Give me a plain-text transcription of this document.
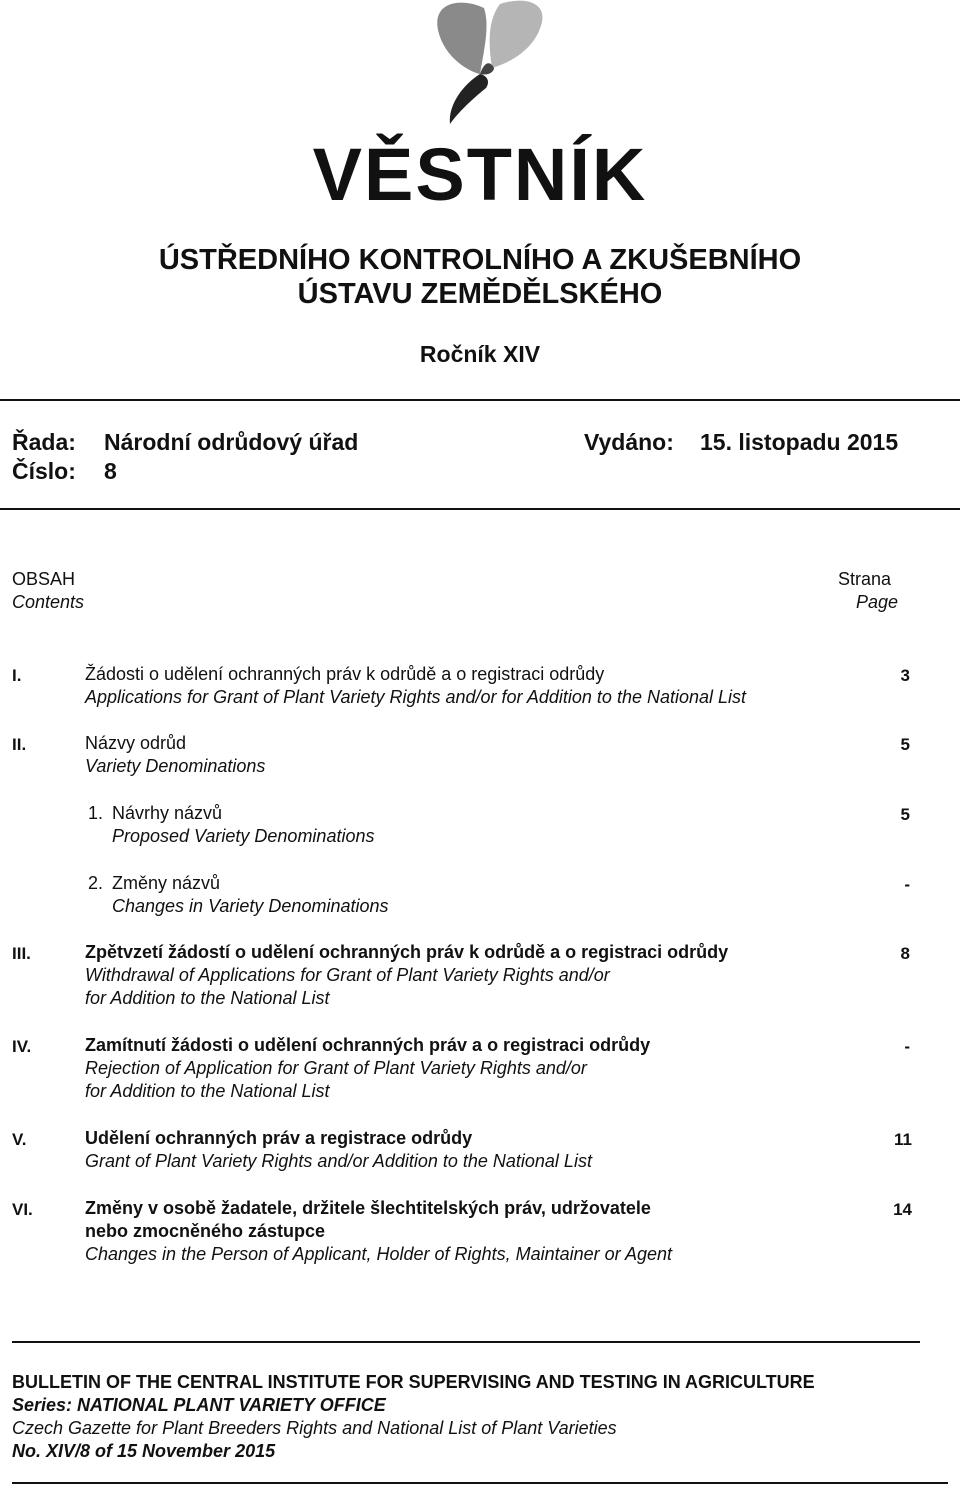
VĚSTNÍK
ÚSTŘEDNÍHO KONTROLNÍHO A ZKUŠEBNÍHO
ÚSTAVU ZEMĚDĚLSKÉHO
Ročník XIV
Řada: Národní odrůdový úřad	Vydáno: 15. listopadu 2015
Číslo: 8
OBSAH
Contents
Strana
Page
I.	Žádosti o udělení ochranných práv k odrůdě a o registraci odrůdy
Applications for Grant of Plant Variety Rights and/or for Addition to the National List
3
II.	Názvy odrůd
Variety Denominations
5
1. Návrhy názvů
Proposed Variety Denominations
5
2. Změny názvů
Changes in Variety Denominations
-
III.	Zpětvzetí žádostí o udělení ochranných práv k odrůdě a o registraci odrůdy
Withdrawal of Applications for Grant of Plant Variety Rights and/or
for Addition to the National List
8
IV.	Zamítnutí žádosti o udělení ochranných práv a o registraci odrůdy
Rejection of Application for Grant of Plant Variety Rights and/or
for Addition to the National List
-
V.	Udělení ochranných práv a registrace odrůdy
Grant of Plant Variety Rights and/or Addition to the National List
11
VI.	Změny v osobě žadatele, držitele šlechtitelských práv, udržovatele
nebo zmocněného zástupce
Changes in the Person of Applicant, Holder of Rights, Maintainer or Agent
14
BULLETIN OF THE CENTRAL INSTITUTE FOR SUPERVISING AND TESTING IN AGRICULTURE
Series: NATIONAL PLANT VARIETY OFFICE
Czech Gazette for Plant Breeders Rights and National List of Plant Varieties
No. XIV/8 of 15 November 2015
